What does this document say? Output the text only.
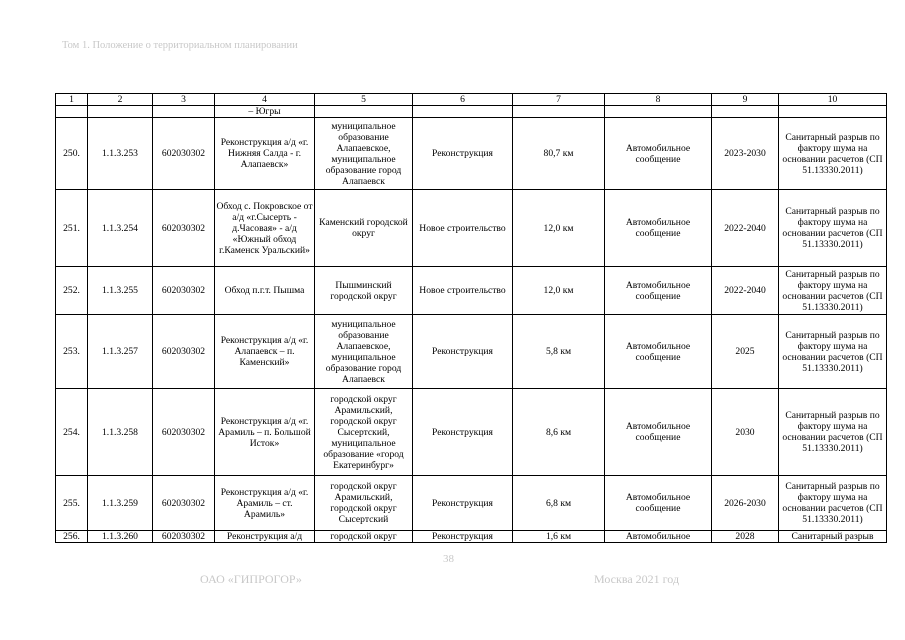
Том 1. Положение о территориальном планировании
1	2	3	4	5	6	7	8	9	10
			– Югры						
250.	1.1.3.253	602030302	Реконструкция а/д «г. Нижняя Салда - г. Алапаевск»	муниципальное образование Алапаевское, муниципальное образование город Алапаевск	Реконструкция	80,7 км	Автомобильное сообщение	2023-2030	Санитарный разрыв по фактору шума на основании расчетов (СП 51.13330.2011)
251.	1.1.3.254	602030302	Обход с. Покровское от а/д «г.Сысерть - д.Часовая» - а/д «Южный обход г.Каменск Уральский»	Каменский городской округ	Новое строительство	12,0 км	Автомобильное сообщение	2022-2040	Санитарный разрыв по фактору шума на основании расчетов (СП 51.13330.2011)
252.	1.1.3.255	602030302	Обход п.г.т. Пышма	Пышминский городской округ	Новое строительство	12,0 км	Автомобильное сообщение	2022-2040	Санитарный разрыв по фактору шума на основании расчетов (СП 51.13330.2011)
253.	1.1.3.257	602030302	Реконструкция а/д «г. Алапаевск – п. Каменский»	муниципальное образование Алапаевское, муниципальное образование город Алапаевск	Реконструкция	5,8 км	Автомобильное сообщение	2025	Санитарный разрыв по фактору шума на основании расчетов (СП 51.13330.2011)
254.	1.1.3.258	602030302	Реконструкция а/д «г. Арамиль – п. Большой Исток»	городской округ Арамильский, городской округ Сысертский, муниципальное образование «город Екатеринбург»	Реконструкция	8,6 км	Автомобильное сообщение	2030	Санитарный разрыв по фактору шума на основании расчетов (СП 51.13330.2011)
255.	1.1.3.259	602030302	Реконструкция а/д «г. Арамиль – ст. Арамиль»	городской округ Арамильский, городской округ Сысертский	Реконструкция	6,8 км	Автомобильное сообщение	2026-2030	Санитарный разрыв по фактору шума на основании расчетов (СП 51.13330.2011)
256.	1.1.3.260	602030302	Реконструкция а/д	городской округ	Реконструкция	1,6 км	Автомобильное	2028	Санитарный разрыв
38
ОАО «ГИПРОГОР»	Москва 2021 год
